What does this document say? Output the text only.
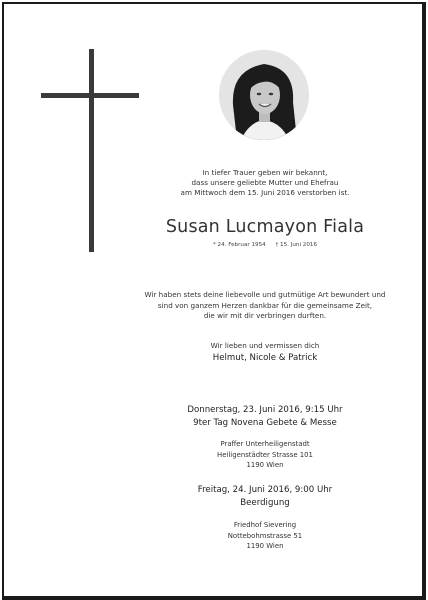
In tiefer Trauer geben wir bekannt,
dass unsere geliebte Mutter und Ehefrau
am Mittwoch dem 15. Juni 2016 verstorben ist.
Susan Lucmayon Fiala
* 24. Februar 1954 † 15. Juni 2016
Wir haben stets deine liebevolle und gutmütige Art bewundert und
sind von ganzem Herzen dankbar für die gemeinsame Zeit,
die wir mit dir verbringen durften.
Wir lieben und vermissen dich
Helmut, Nicole & Patrick
Donnerstag, 23. Juni 2016, 9:15 Uhr
9ter Tag Novena Gebete & Messe
Praffer Unterheiligenstadt
Heiligenstädter Strasse 101
1190 Wien
Freitag, 24. Juni 2016, 9:00 Uhr
Beerdigung
Friedhof Sievering
Nottebohmstrasse 51
1190 Wien
